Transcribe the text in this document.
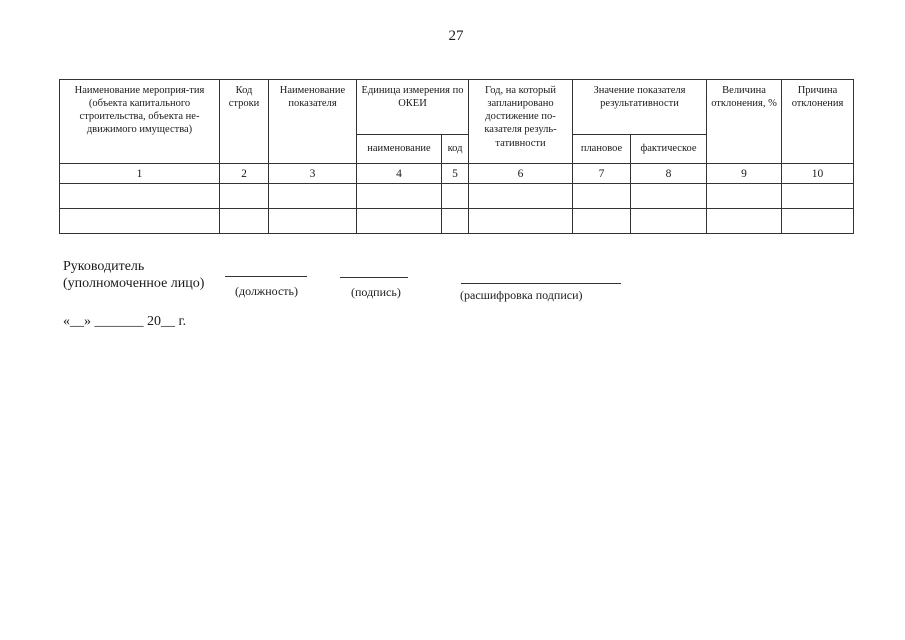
27
Наименование мероприя-тия (объекта капитального строительства, объекта не-движимого имущества)	Код строки	Наименование показателя	Единица измерения по ОКЕИ		Год, на который запланировано достижение по-казателя резуль-тативности	Значение показателя результативности		Величина отклонения, %	Причина отклонения
			наименование	код		плановое	фактическое		
1	2	3	4	5	6	7	8	9	10

Руководитель
(уполномоченное лицо)	(должность)	(подпись)	(расшифровка подписи)
«__» _______ 20__ г.
